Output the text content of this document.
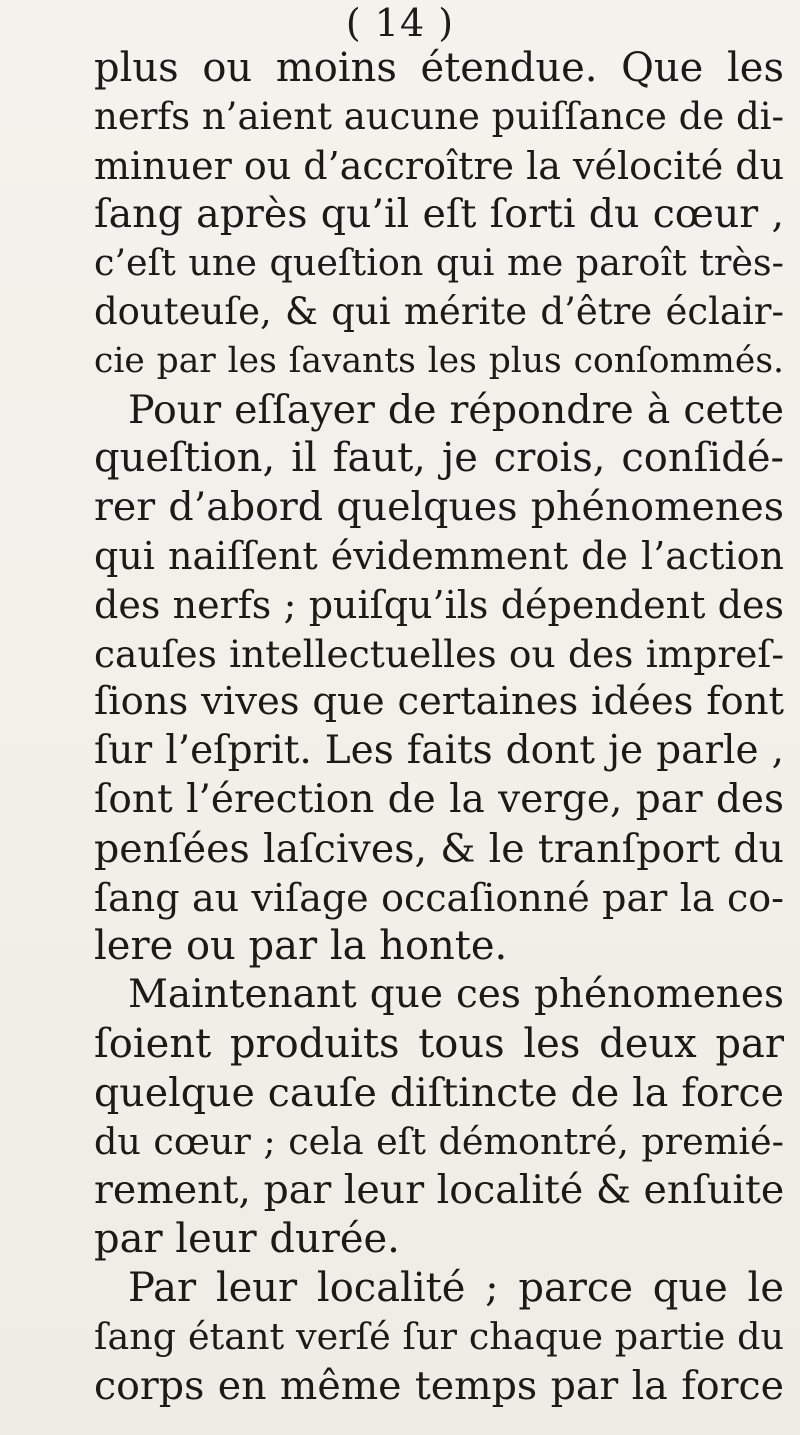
( 14 )
plus ou moins étendue. Que les
nerfs n’aient aucune puiſſance de di-
minuer ou d’accroître la vélocité du
ſang après qu’il eſt ſorti du cœur ,
c’eſt une queſtion qui me paroît très-
douteuſe, & qui mérite d’être éclair-
cie par les ſavants les plus conſommés.
Pour eſſayer de répondre à cette
queſtion, il faut, je crois, conſidé-
rer d’abord quelques phénomenes
qui naiſſent évidemment de l’action
des nerfs ; puiſqu’ils dépendent des
cauſes intellectuelles ou des impreſ-
ſions vives que certaines idées font
ſur l’eſprit. Les faits dont je parle ,
ſont l’érection de la verge, par des
penſées laſcives, & le tranſport du
ſang au viſage occaſionné par la co-
lere ou par la honte.
Maintenant que ces phénomenes
ſoient produits tous les deux par
quelque cauſe diſtincte de la force
du cœur ; cela eſt démontré, premié-
rement, par leur localité & enſuite
par leur durée.
Par leur localité ; parce que le
ſang étant verſé ſur chaque partie du
corps en même temps par la force
